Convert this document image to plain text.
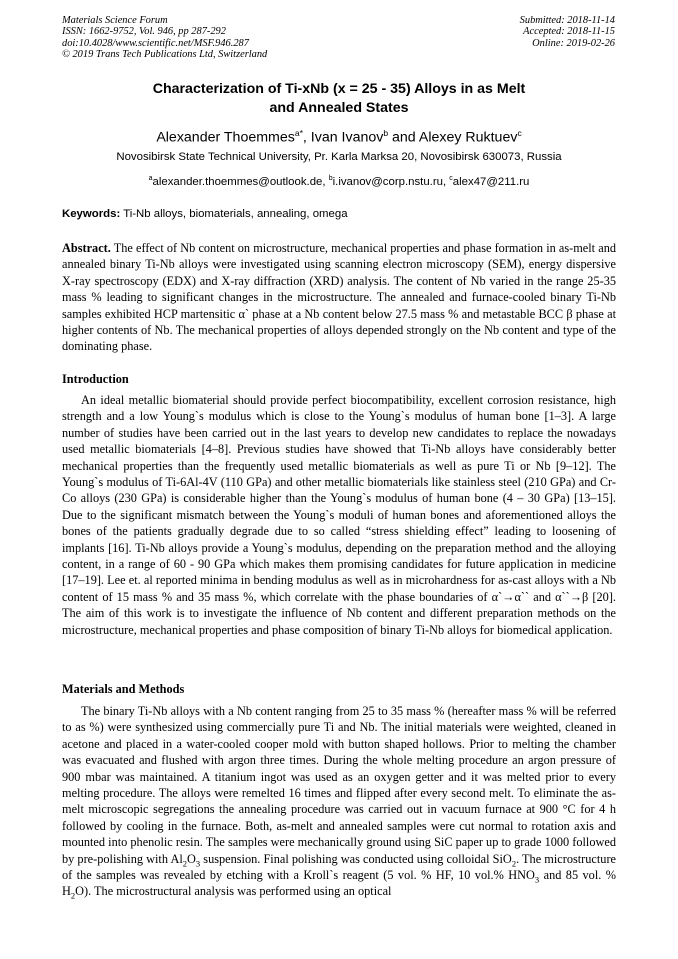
Materials Science Forum
ISSN: 1662-9752, Vol. 946, pp 287-292
doi:10.4028/www.scientific.net/MSF.946.287
© 2019 Trans Tech Publications Ltd, Switzerland
Submitted: 2018-11-14
Accepted: 2018-11-15
Online: 2019-02-26
Characterization of Ti-xNb (x = 25 - 35) Alloys in as Melt
and Annealed States
Alexander Thoemmes$^{a*}$, Ivan Ivanov$^b$ and Alexey Ruktuev$^c$
Novosibirsk State Technical University, Pr. Karla Marksa 20, Novosibirsk 630073, Russia
$^a$alexander.thoemmes@outlook.de, $^b$i.ivanov@corp.nstu.ru, $^c$alex47@211.ru
Keywords: Ti-Nb alloys, biomaterials, annealing, omega
Abstract. The effect of Nb content on microstructure, mechanical properties and phase formation in as-melt and annealed binary Ti-Nb alloys were investigated using scanning electron microscopy (SEM), energy dispersive X-ray spectroscopy (EDX) and X-ray diffraction (XRD) analysis. The content of Nb varied in the range 25-35 mass % leading to significant changes in the microstructure. The annealed and furnace-cooled binary Ti-Nb samples exhibited HCP martensitic α` phase at a Nb content below 27.5 mass % and metastable BCC β phase at higher contents of Nb. The mechanical properties of alloys depended strongly on the Nb content and type of the dominating phase.
Introduction

An ideal metallic biomaterial should provide perfect biocompatibility, excellent corrosion resistance, high strength and a low Young`s modulus which is close to the Young`s modulus of human bone [1–3]. A large number of studies have been carried out in the last years to develop new candidates to replace the nowadays used metallic biomaterials [4–8]. Previous studies have showed that Ti-Nb alloys have considerably better mechanical properties than the frequently used metallic biomaterials as well as pure Ti or Nb [9–12]. The Young`s modulus of Ti-6Al-4V (110 GPa) and other metallic biomaterials like stainless steel (210 GPa) and Cr-Co alloys (230 GPa) is considerable higher than the Young`s modulus of human bone (4 – 30 GPa) [13–15]. Due to the significant mismatch between the Young`s moduli of human bones and aforementioned alloys the bones of the patients gradually degrade due to so called “stress shielding effect” leading to loosening of implants [16]. Ti-Nb alloys provide a Young`s modulus, depending on the preparation method and the alloying content, in a range of 60 - 90 GPa which makes them promising candidates for future application in medicine [17–19]. Lee et. al reported minima in bending modulus as well as in microhardness for as-cast alloys with a Nb content of 15 mass % and 35 mass %, which correlate with the phase boundaries of α`→α`` and α``→β [20]. The aim of this work is to investigate the influence of Nb content and different preparation methods on the microstructure, mechanical properties and phase composition of binary Ti-Nb alloys for biomedical application.

Materials and Methods

The binary Ti-Nb alloys with a Nb content ranging from 25 to 35 mass % (hereafter mass % will be referred to as %) were synthesized using commercially pure Ti and Nb. The initial materials were weighted, cleaned in acetone and placed in a water-cooled cooper mold with button shaped hollows. Prior to melting the chamber was evacuated and flushed with argon three times. During the whole melting procedure an argon pressure of 900 mbar was maintained. A titanium ingot was used as an oxygen getter and it was melted prior to every melting procedure. The alloys were remelted 16 times and flipped after every second melt. To eliminate the as-melt microscopic segregations the annealing procedure was carried out in vacuum furnace at 900 °C for 4 h followed by cooling in the furnace. Both, as-melt and annealed samples were cut normal to rotation axis and mounted into phenolic resin. The samples were mechanically ground using SiC paper up to grade 1000 followed by pre-polishing with $Al_2O_3$ suspension. Final polishing was conducted using colloidal SiO$_2$. The microstructure of the samples was revealed by etching with a Kroll`s reagent (5 vol. % HF, 10 vol.% $HNO_3$ and 85 vol. % $H_2O$). The microstructural analysis was performed using an optical
